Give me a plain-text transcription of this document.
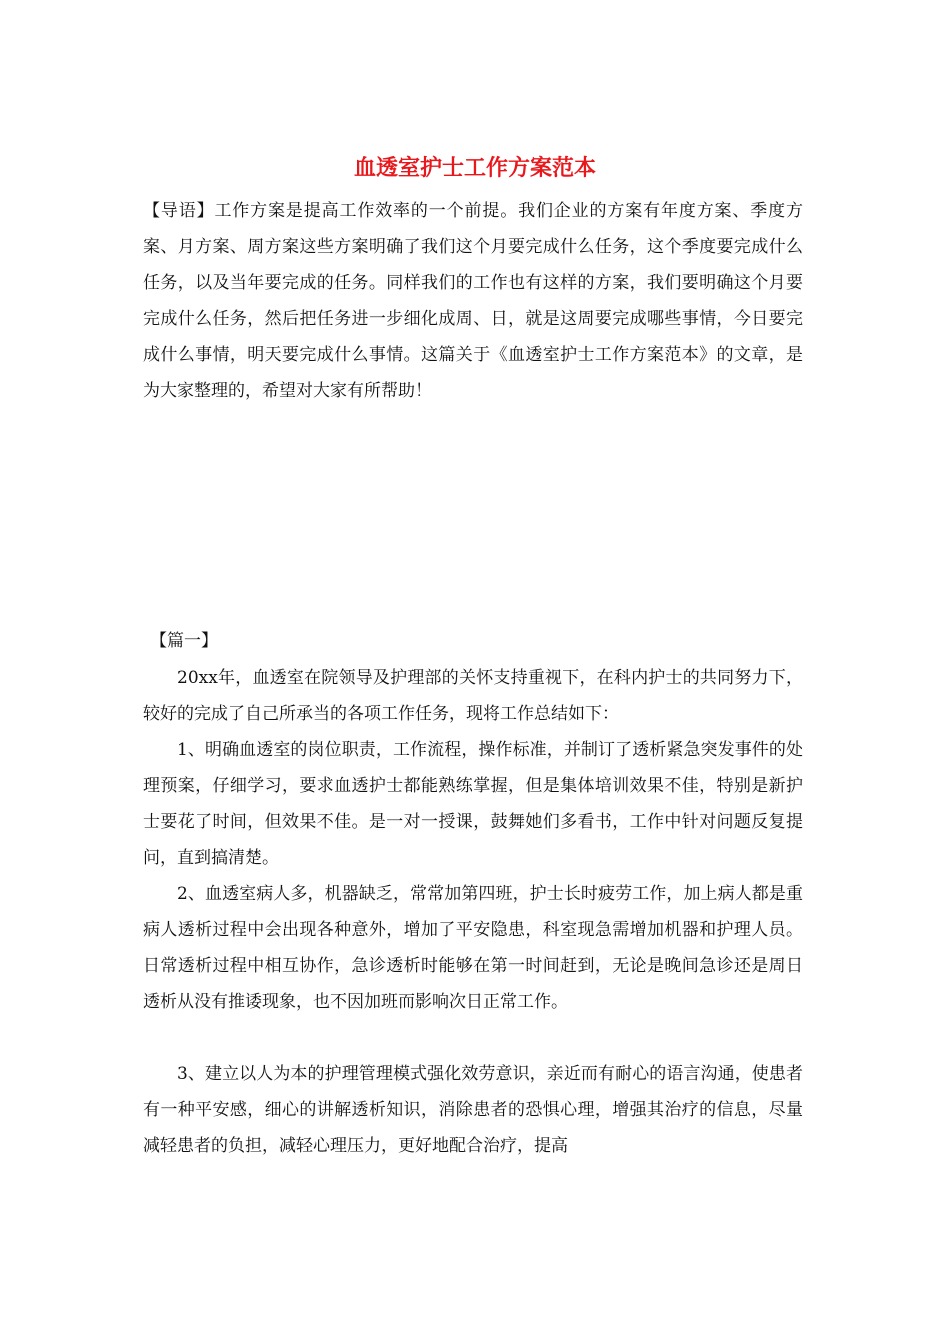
血透室护士工作方案范本

【导语】工作方案是提高工作效率的一个前提。我们企业的方案有年度方案、季度方案、月方案、周方案这些方案明确了我们这个月要完成什么任务，这个季度要完成什么任务，以及当年要完成的任务。同样我们的工作也有这样的方案，我们要明确这个月要完成什么任务，然后把任务进一步细化成周、日，就是这周要完成哪些事情，今日要完成什么事情，明天要完成什么事情。这篇关于《血透室护士工作方案范本》的文章，是为大家整理的，希望对大家有所帮助！

【篇一】

20xx年，血透室在院领导及护理部的关怀支持重视下，在科内护士的共同努力下，较好的完成了自己所承当的各项工作任务，现将工作总结如下：

1、明确血透室的岗位职责，工作流程，操作标准，并制订了透析紧急突发事件的处理预案，仔细学习，要求血透护士都能熟练掌握，但是集体培训效果不佳，特别是新护士要花了时间，但效果不佳。是一对一授课，鼓舞她们多看书，工作中针对问题反复提问，直到搞清楚。

2、血透室病人多，机器缺乏，常常加第四班，护士长时疲劳工作，加上病人都是重病人透析过程中会出现各种意外，增加了平安隐患，科室现急需增加机器和护理人员。日常透析过程中相互协作，急诊透析时能够在第一时间赶到，无论是晚间急诊还是周日透析从没有推诿现象，也不因加班而影响次日正常工作。

3、建立以人为本的护理管理模式强化效劳意识，亲近而有耐心的语言沟通，使患者有一种平安感，细心的讲解透析知识，消除患者的恐惧心理，增强其治疗的信息，尽量减轻患者的负担，减轻心理压力，更好地配合治疗，提高
